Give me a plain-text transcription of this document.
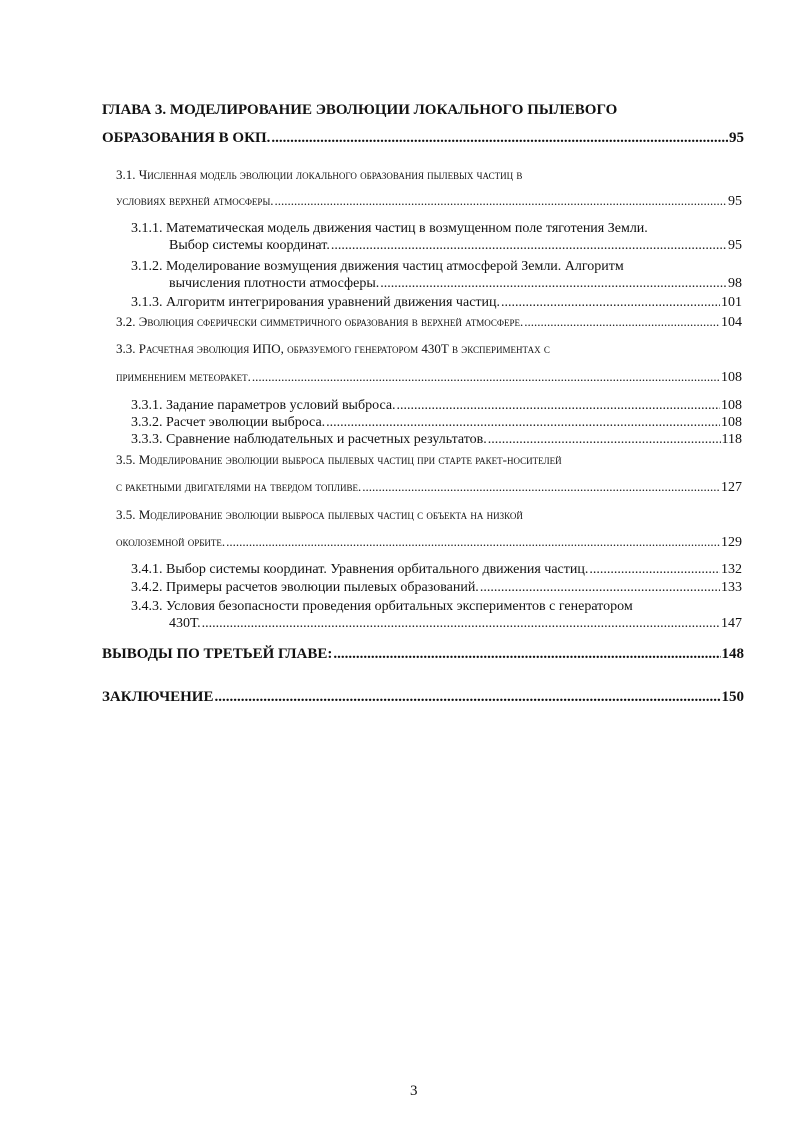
ГЛАВА 3. МОДЕЛИРОВАНИЕ ЭВОЛЮЦИИ ЛОКАЛЬНОГО ПЫЛЕВОГО
ОБРАЗОВАНИЯ В ОКП. .....	95
3.1. Численная модель эволюции локального образования пылевых частиц в
условиях верхней атмосферы. .....	95
3.1.1. Математическая модель движения частиц в возмущенном поле тяготения Земли.
Выбор системы координат. .....	95
3.1.2. Моделирование возмущения движения частиц атмосферой Земли. Алгоритм
вычисления плотности атмосферы. .....	98
3.1.3. Алгоритм интегрирования уравнений движения частиц. .....	101
3.2. Эволюция сферически симметричного образования в верхней атмосфере. .....	104
3.3. Расчетная эволюция ИПО, образуемого генератором 430Т в экспериментах с
применением метеоракет. .....	108
3.3.1. Задание параметров условий выброса. .....	108
3.3.2. Расчет эволюции выброса. .....	108
3.3.3. Сравнение наблюдательных и расчетных результатов. .....	118
3.5. Моделирование эволюции выброса пылевых частиц при старте ракет-носителей
с ракетными двигателями на твердом топливе. .....	127
3.5. Моделирование эволюции выброса пылевых частиц с объекта на низкой
околоземной орбите. .....	129
3.4.1. Выбор системы координат. Уравнения орбитального движения частиц. .....	132
3.4.2. Примеры расчетов эволюции пылевых образований. .....	133
3.4.3. Условия безопасности проведения орбитальных экспериментов с генератором
430Т. .....	147
ВЫВОДЫ ПО ТРЕТЬЕЙ ГЛАВЕ: .....	148
ЗАКЛЮЧЕНИЕ .....	150
3
